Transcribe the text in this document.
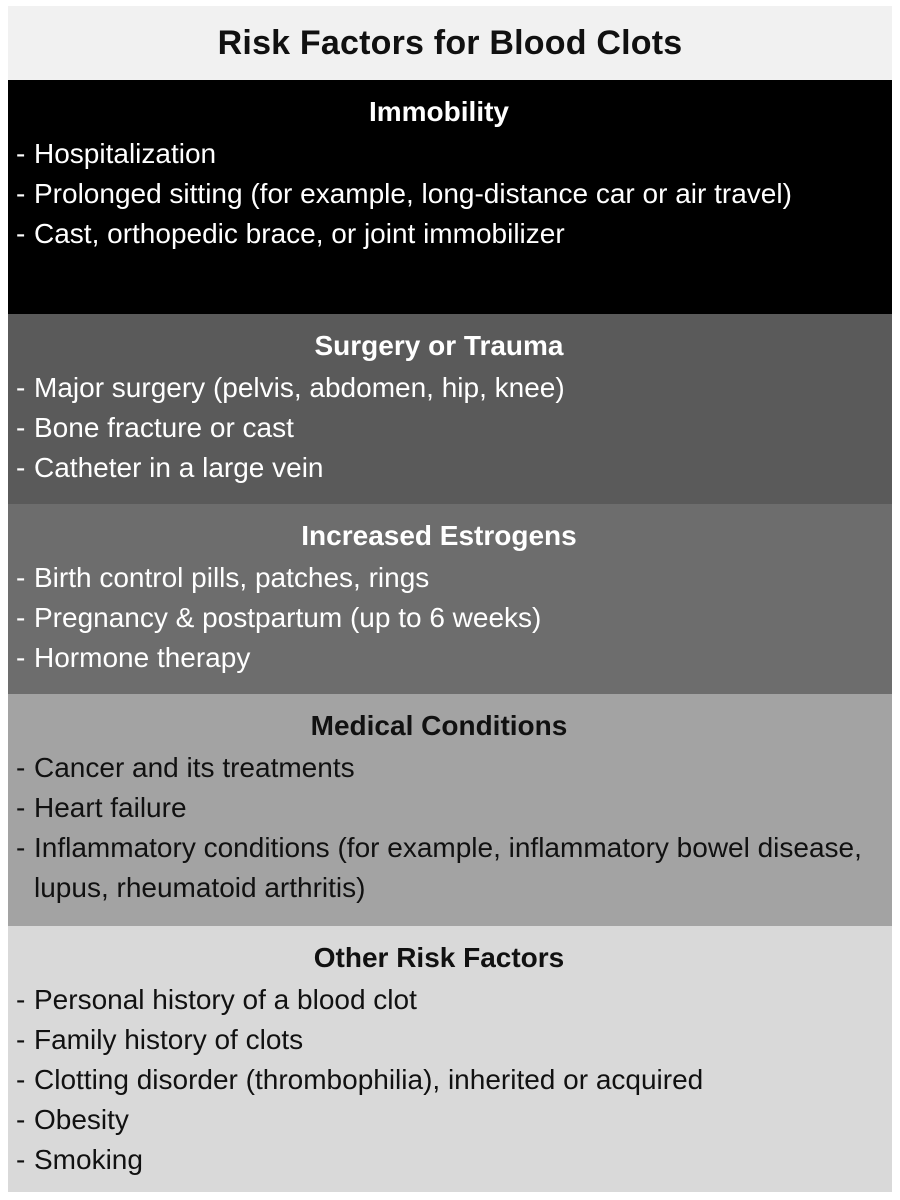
Risk Factors for Blood Clots
Immobility
- Hospitalization
- Prolonged sitting (for example, long-distance car or air travel)
- Cast, orthopedic brace, or joint immobilizer
Surgery or Trauma
- Major surgery (pelvis, abdomen, hip, knee)
- Bone fracture or cast
- Catheter in a large vein
Increased Estrogens
- Birth control pills, patches, rings
- Pregnancy & postpartum (up to 6 weeks)
- Hormone therapy
Medical Conditions
- Cancer and its treatments
- Heart failure
- Inflammatory conditions (for example, inflammatory bowel disease, lupus, rheumatoid arthritis)
Other Risk Factors
- Personal history of a blood clot
- Family history of clots
- Clotting disorder (thrombophilia), inherited or acquired
- Obesity
- Smoking
